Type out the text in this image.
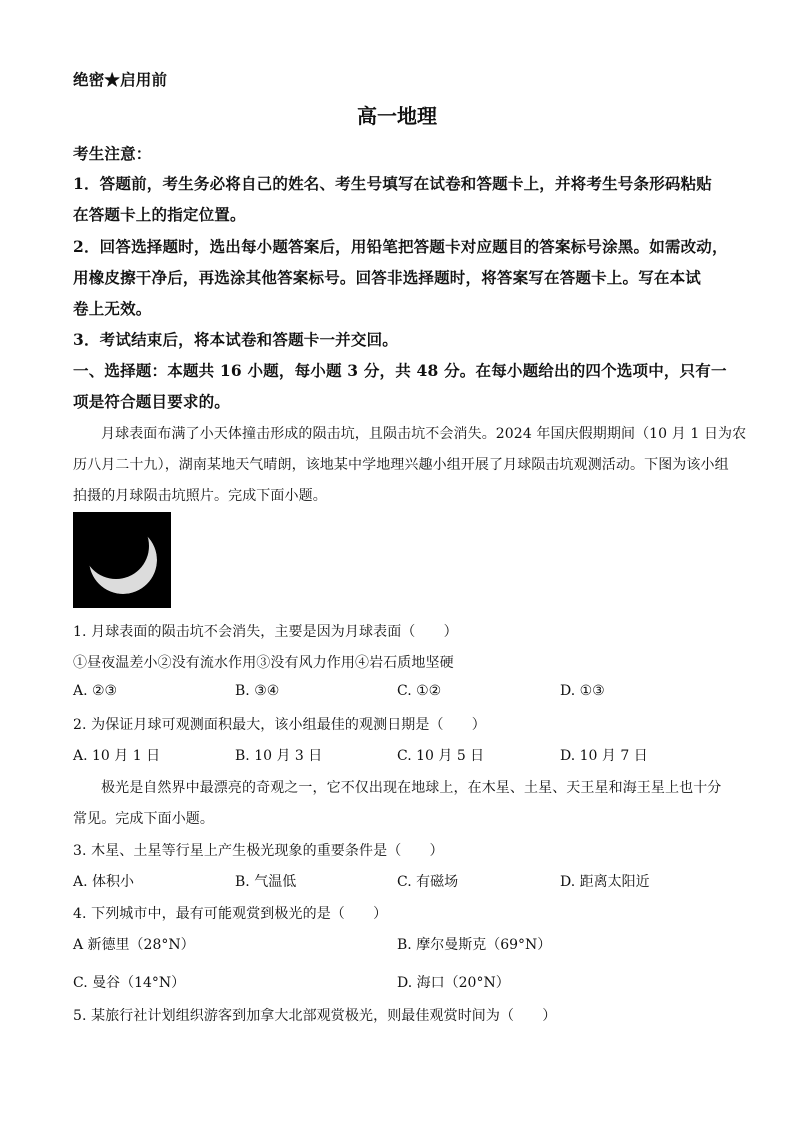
绝密★启用前
高一地理
考生注意：
1．答题前，考生务必将自己的姓名、考生号填写在试卷和答题卡上，并将考生号条形码粘贴
在答题卡上的指定位置。
2．回答选择题时，选出每小题答案后，用铅笔把答题卡对应题目的答案标号涂黑。如需改动，
用橡皮擦干净后，再选涂其他答案标号。回答非选择题时，将答案写在答题卡上。写在本试
卷上无效。
3．考试结束后，将本试卷和答题卡一并交回。
一、选择题：本题共 16 小题，每小题 3 分，共 48 分。在每小题给出的四个选项中，只有一
项是符合题目要求的。
月球表面布满了小天体撞击形成的陨击坑，且陨击坑不会消失。2024 年国庆假期期间（10 月 1 日为农
历八月二十九），湖南某地天气晴朗，该地某中学地理兴趣小组开展了月球陨击坑观测活动。下图为该小组
拍摄的月球陨击坑照片。完成下面小题。
1. 月球表面的陨击坑不会消失，主要是因为月球表面（　　）
①昼夜温差小②没有流水作用③没有风力作用④岩石质地坚硬
A. ②③	B. ③④	C. ①②	D. ①③
2. 为保证月球可观测面积最大，该小组最佳的观测日期是（　　）
A. 10 月 1 日	B. 10 月 3 日	C. 10 月 5 日	D. 10 月 7 日
极光是自然界中最漂亮的奇观之一，它不仅出现在地球上，在木星、土星、天王星和海王星上也十分
常见。完成下面小题。
3. 木星、土星等行星上产生极光现象的重要条件是（　　）
A. 体积小	B. 气温低	C. 有磁场	D. 距离太阳近
4. 下列城市中，最有可能观赏到极光的是（　　）
A 新德里（28°N）	B. 摩尔曼斯克（69°N）
C. 曼谷（14°N）	D. 海口（20°N）
5. 某旅行社计划组织游客到加拿大北部观赏极光，则最佳观赏时间为（　　）
